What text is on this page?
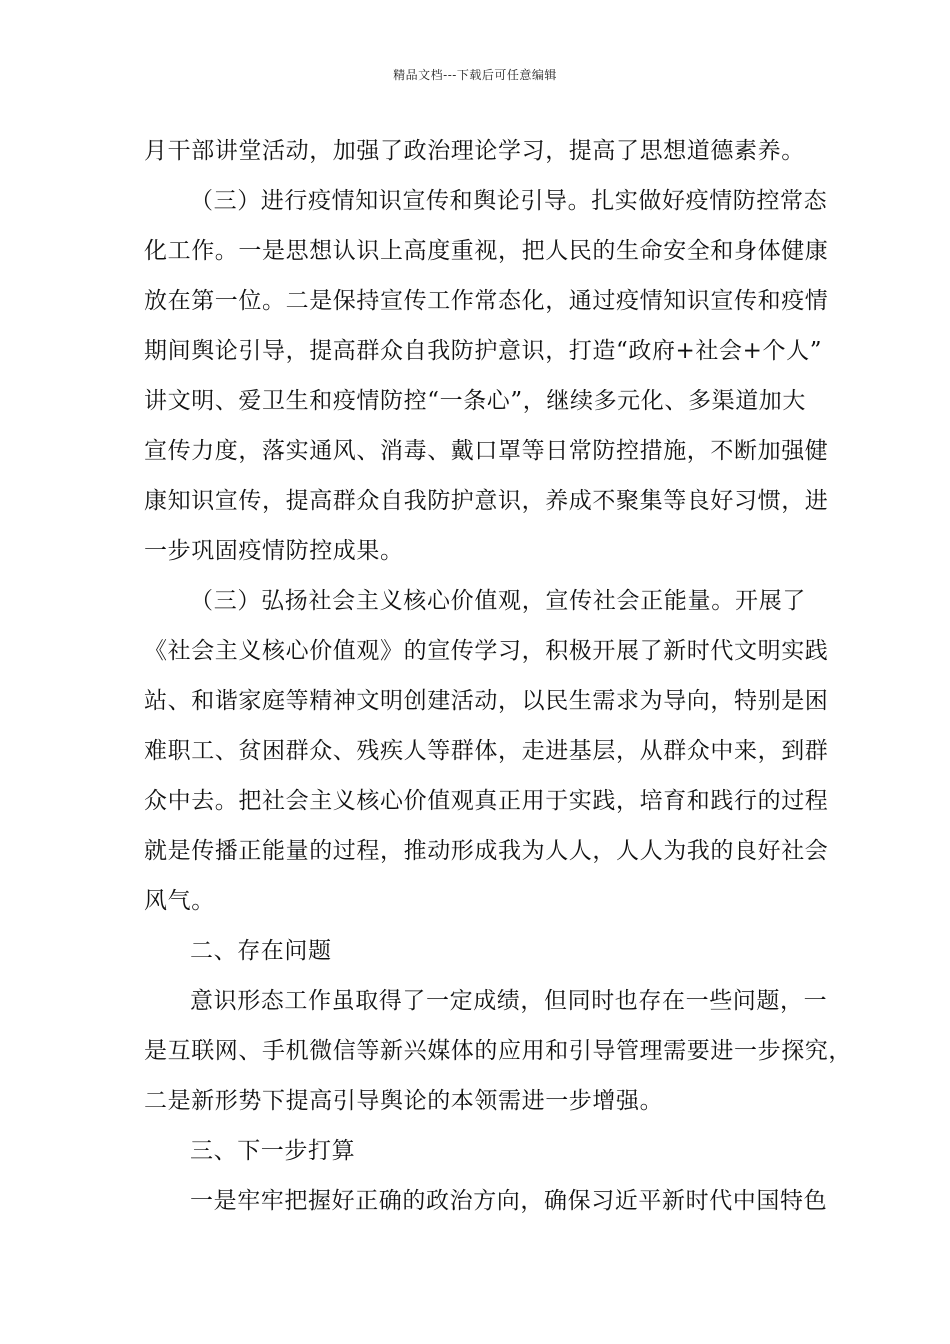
精品文档---下载后可任意编辑
月干部讲堂活动，加强了政治理论学习，提高了思想道德素养。
（三）进行疫情知识宣传和舆论引导。扎实做好疫情防控常态
化工作。一是思想认识上高度重视，把人民的生命安全和身体健康
放在第一位。二是保持宣传工作常态化，通过疫情知识宣传和疫情
期间舆论引导，提高群众自我防护意识，打造“政府+社会+个人”
讲文明、爱卫生和疫情防控“一条心”，继续多元化、多渠道加大
宣传力度，落实通风、消毒、戴口罩等日常防控措施，不断加强健
康知识宣传，提高群众自我防护意识，养成不聚集等良好习惯，进
一步巩固疫情防控成果。
（三）弘扬社会主义核心价值观，宣传社会正能量。开展了
《社会主义核心价值观》的宣传学习，积极开展了新时代文明实践
站、和谐家庭等精神文明创建活动，以民生需求为导向，特别是困
难职工、贫困群众、残疾人等群体，走进基层，从群众中来，到群
众中去。把社会主义核心价值观真正用于实践，培育和践行的过程
就是传播正能量的过程，推动形成我为人人，人人为我的良好社会
风气。
二、存在问题
意识形态工作虽取得了一定成绩，但同时也存在一些问题，一
是互联网、手机微信等新兴媒体的应用和引导管理需要进一步探究，
二是新形势下提高引导舆论的本领需进一步增强。
三、下一步打算
一是牢牢把握好正确的政治方向，确保习近平新时代中国特色
